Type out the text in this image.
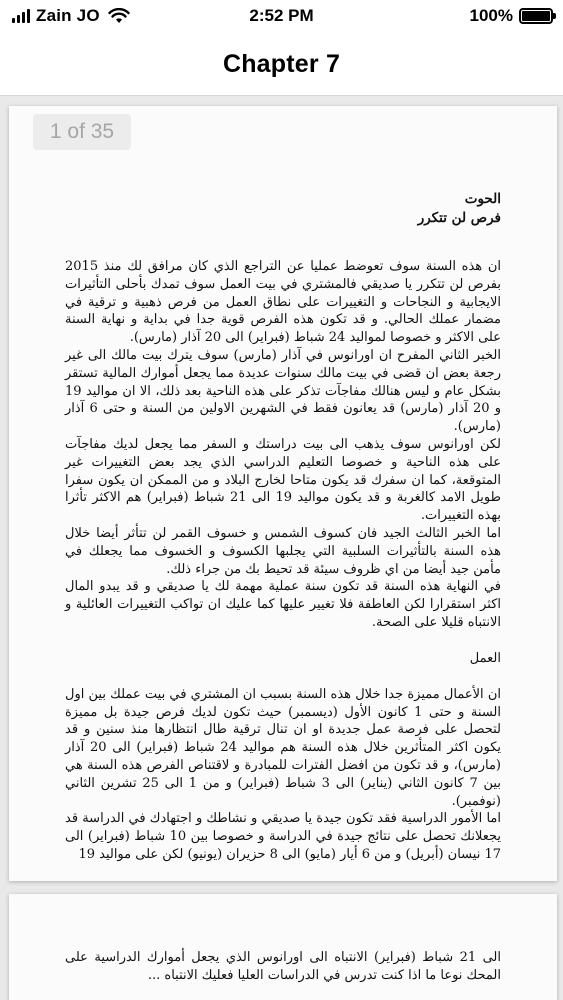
Zain JO	2:52 PM	100%
Chapter 7
1 of 35
الحوت
فرص لن تتكرر

ان هذه السنة سوف تعوضط عمليا عن التراجع الذي كان مرافق لك منذ 2015 بفرص لن تتكرر يا صديقي فالمشتري في بيت العمل سوف تمدك بأحلى التأثيرات الايجابية و النجاحات و التغييرات على نطاق العمل من فرص ذهبية و ترقية في مضمار عملك الحالي. و قد تكون هذه الفرص قوية جدا في بداية و نهاية السنة على الاكثر و خصوصا لمواليد 24 شباط (فبراير) الى 20 آذار (مارس).

الخبر الثاني المفرح ان اورانوس في آذار (مارس) سوف يترك بيت مالك الى غير رجعة بعض ان قضى في بيت مالك سنوات عديدة مما يجعل أموارك المالية تستقر بشكل عام و ليس هنالك مفاجآت تذكر على هذه الناحية بعد ذلك، الا ان مواليد 19 و 20 آذار (مارس) قد يعانون فقط في الشهرين الاولين من السنة و حتى 6 آذار (مارس).

لكن اورانوس سوف يذهب الى بيت دراستك و السفر مما يجعل لديك مفاجآت على هذه الناحية و خصوصا التعليم الدراسي الذي يجد بعض التغييرات غير المتوقعة، كما ان سفرك قد يكون متاحا لخارج البلاد و من الممكن ان يكون سفرا طويل الامد كالغربة و قد يكون مواليد 19 الى 21 شباط (فبراير) هم الاكثر تأثرا بهذه التغييرات.

اما الخبر الثالث الجيد فان كسوف الشمس و خسوف القمر لن تتأثر أيضا خلال هذه السنة بالتأثيرات السلبية التي يجلبها الكسوف و الخسوف مما يجعلك في مأمن جيد أيضا من اي ظروف سيئة قد تحيط بك من جراء ذلك.

في النهاية هذه السنة قد تكون سنة عملية مهمة لك يا صديقي و قد يبدو المال اكثر استقرارا لكن العاطفة فلا تغيير عليها كما عليك ان تواكب التغييرات العائلية و الانتباه قليلا على الصحة.

العمل

ان الأعمال مميزة جدا خلال هذه السنة بسبب ان المشتري في بيت عملك بين اول السنة و حتى 1 كانون الأول (ديسمبر) حيث تكون لديك فرص جيدة بل مميزة لتحصل على فرصة عمل جديدة او ان تنال ترقية طال انتظارها منذ سنين و قد يكون اكثر المتأثرين خلال هذه السنة هم مواليد 24 شباط (فبراير) الى 20 آذار (مارس)، و قد تكون من افضل الفترات للمبادرة و لاقتناص الفرص هذه السنة هي بين 7 كانون الثاني (يناير) الى 3 شباط (فبراير) و من 1 الى 25 تشرين الثاني (نوفمبر).

اما الأمور الدراسية فقد تكون جيدة يا صديقي و نشاطك و اجتهادك في الدراسة قد يجعلانك تحصل على نتائج جيدة في الدراسة و خصوصا بين 10 شباط (فبراير) الى 17 نيسان (أبريل) و من 6 أيار (مايو) الى 8 حزيران (يونيو) لكن على مواليد 19

الى 21 شباط (فبراير) الانتباه الى اورانوس الذي يجعل أموارك الدراسية على المحك نوعا ما اذا كنت تدرس في الدراسات العليا فعليك الانتباه ...
